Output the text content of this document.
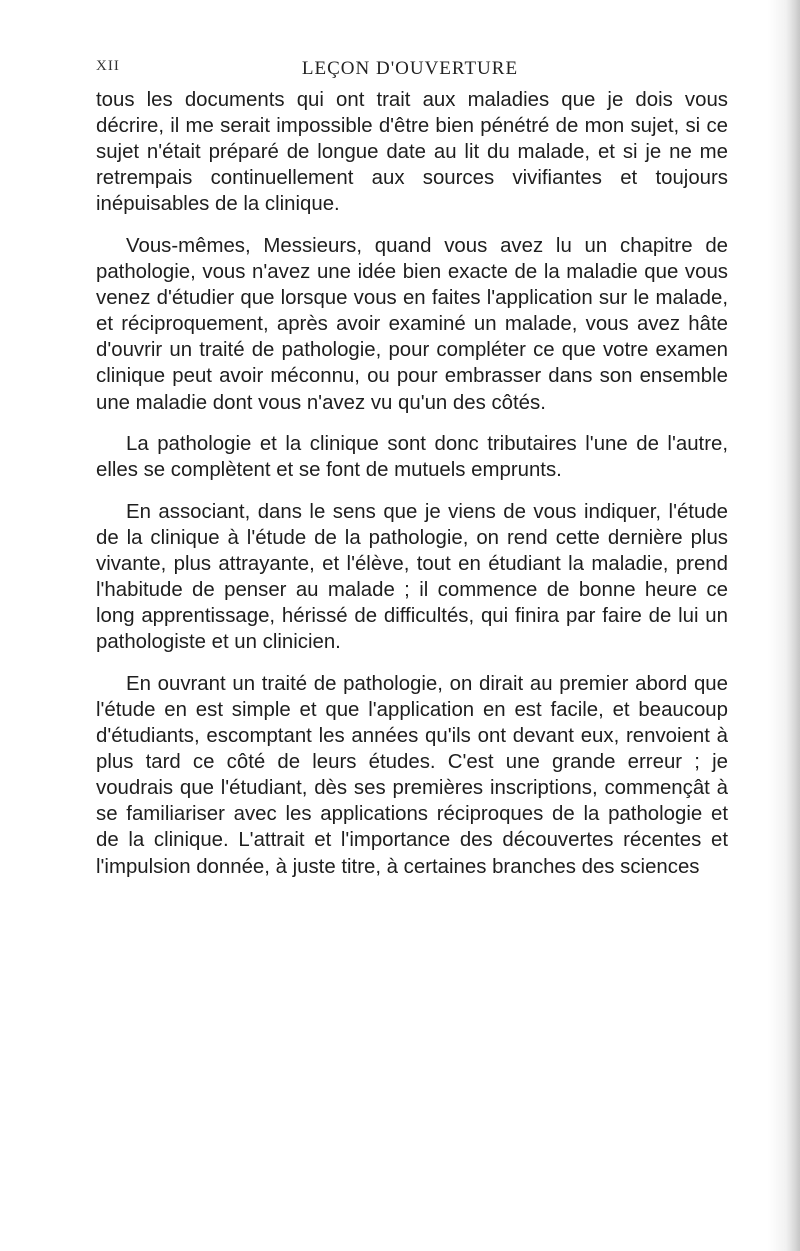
XII	LEÇON D'OUVERTURE

tous les documents qui ont trait aux maladies que je dois vous décrire, il me serait impossible d'être bien pénétré de mon sujet, si ce sujet n'était préparé de longue date au lit du malade, et si je ne me retrempais continuellement aux sources vivifiantes et toujours inépuisables de la clinique.

Vous-mêmes, Messieurs, quand vous avez lu un chapitre de pathologie, vous n'avez une idée bien exacte de la maladie que vous venez d'étudier que lorsque vous en faites l'application sur le malade, et réciproquement, après avoir examiné un malade, vous avez hâte d'ouvrir un traité de pathologie, pour compléter ce que votre examen clinique peut avoir méconnu, ou pour embrasser dans son ensemble une maladie dont vous n'avez vu qu'un des côtés.

La pathologie et la clinique sont donc tributaires l'une de l'autre, elles se complètent et se font de mutuels emprunts.

En associant, dans le sens que je viens de vous indiquer, l'étude de la clinique à l'étude de la pathologie, on rend cette dernière plus vivante, plus attrayante, et l'élève, tout en étudiant la maladie, prend l'habitude de penser au malade ; il commence de bonne heure ce long apprentissage, hérissé de difficultés, qui finira par faire de lui un pathologiste et un clinicien.

En ouvrant un traité de pathologie, on dirait au premier abord que l'étude en est simple et que l'application en est facile, et beaucoup d'étudiants, escomptant les années qu'ils ont devant eux, renvoient à plus tard ce côté de leurs études. C'est une grande erreur ; je voudrais que l'étudiant, dès ses premières inscriptions, commençât à se familiariser avec les applications réciproques de la pathologie et de la clinique. L'attrait et l'importance des découvertes récentes et l'impulsion donnée, à juste titre, à certaines branches des sciences
